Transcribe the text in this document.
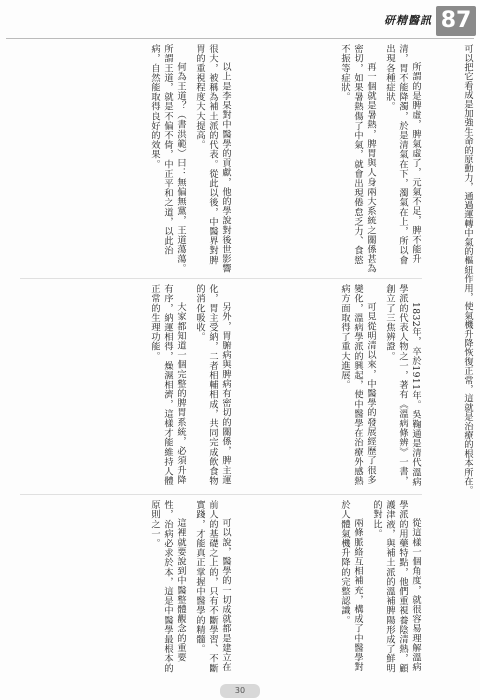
研精醫訊 87

所謂的是脾虛，脾氣虛了，元氣不足，脾不能升清，胃不能降濁，於是清氣在下，濁氣在上，所以會出現各種症狀。

再一個就是暑熱，脾胃與人身兩大系統之關係甚為密切，如果暑熱傷了中氣，就會出現倦怠乏力、食慾不振等症狀。

以上是李杲對中醫學的貢獻，他的學說對後世影響很大，被稱為補土派的代表。從此以後，中醫界對脾胃的重視程度大大提高。

何為王道？（書洪範）曰：無偏無黨，王道蕩蕩。所謂王道，就是不偏不倚，中正平和之道，以此治病，自然能取得良好的效果。

1832年，卒於1911年。吳鞠通是清代溫病學派的代表人物之一，著有《溫病條辨》一書，創立了三焦辨證。

可見從明清以來，中醫學的發展經歷了很多變化，溫病學派的興起，使中醫學在治療外感熱病方面取得了重大進展。

另外，胃腑病與脾病有密切的關係，脾主運化，胃主受納，二者相輔相成，共同完成飲食物的消化吸收。

大家都知道一個完整的脾胃系統，必須升降有序，納運相得，燥濕相濟，這樣才能維持人體正常的生理功能。

從這樣一個角度，就很容易理解溫病學派的用藥特點，他們重視養陰清熱，顧護津液，與補土派的溫補脾陽形成了鮮明的對比。

兩條脈絡互相補充，構成了中醫學對於人體氣機升降的完整認識。

可以說，醫學的一切成就都是建立在前人的基礎之上的，只有不斷學習、不斷實踐，才能真正掌握中醫學的精髓。

這裡就要說到中醫整體觀念的重要性，治病必求於本，這是中醫學最根本的原則之一。

可以把它看成是加強生命的原動力，通過運轉中氣的樞紐作用，使氣機升降恢復正常，這就是治療的根本所在。
30
